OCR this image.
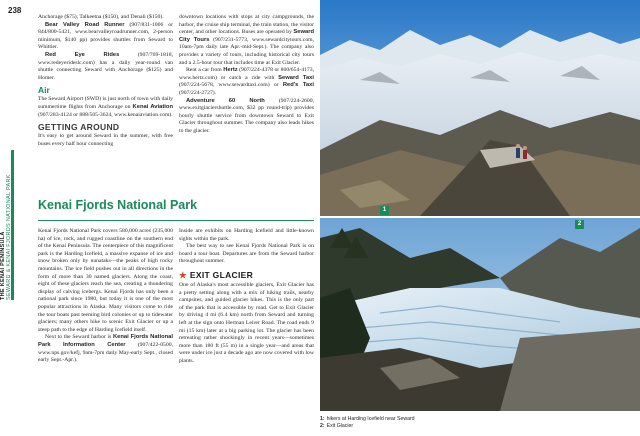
238
THE KENAI PENINSULA SEWARD & KENAI FJORDS NATIONAL PARK

Anchorage ($75), Talkeetna ($150), and Denali ($150).

Bear Valley Road Runner (907/831-1006 or 844/800-5421, www.bearvalleyroadrunner.com, 2-person minimum, $140 pp) provides shuttles from Seward to Whittier.

Red Eye Rides (907/769-1818, www.redeyerideslc.com) has a daily year-round van shuttle connecting Seward with Anchorage ($125) and Homer.

Air

The Seward Airport (SWD) is just north of town with daily summertime flights from Anchorage on Kenai Aviation (907/283-4124 or 888/505-3624, www.kenaiaviation.com).

GETTING AROUND

It's easy to get around Seward in the summer, with free buses every half hour connecting

downtown locations with stops at city campgrounds, the harbor, the cruise ship terminal, the train station, the visitor center, and other locations. Buses are operated by Seward City Tours (907/231-5773, www.sewardcitytours.com, 10am-7pm daily late Apr.-mid-Sept.). The company also provides a variety of tours, including historical city tours and a 2.5-hour tour that includes time at Exit Glacier.

Rent a car from Hertz (907/224-4378 or 800/654-4173, www.hertz.com) or catch a ride with Seward Taxi (907/224-5678, www.sewardtaxi.com) or Red's Taxi (907/224-2727).

Adventure 60 North (907/224-2600, www.exitglaciershuttle.com, $32 pp round-trip) provides hourly shuttle service from downtown Seward to Exit Glacier throughout summer. The company also leads hikes to the glacier.

Kenai Fjords National Park

Kenai Fjords National Park covers 580,000 acres (235,000 ha) of ice, rock, and rugged coastline on the southern end of the Kenai Peninsula. The centerpiece of this magnificent park is the Harding Icefield, a massive expanse of ice and snow broken only by nunataks—the peaks of high rocky mountains. The ice field pushes out in all directions in the form of more than 30 named glaciers. Along the coast, eight of these glaciers reach the sea, creating a thundering display of calving icebergs. Kenai Fjords has only been a national park since 1980, but today it is one of the most popular attractions in Alaska. Many visitors come to ride the tour boats past teeming bird colonies or up to tidewater glaciers; many others hike to scenic Exit Glacier or up a steep path to the edge of Harding Icefield itself.

Next to the Seward harbor is Kenai Fjords National Park Information Center (907/422-0500, www.nps.gov/kefj, 9am-7pm daily May-early Sept., closed early Sept.-Apr.).

Inside are exhibits on Harding Icefield and little-known sights within the park.

The best way to see Kenai Fjords National Park is on board a tour boat. Departures are from the Seward harbor throughout summer.

★ EXIT GLACIER

One of Alaska's most accessible glaciers, Exit Glacier has a pretty setting along with a mix of hiking trails, nearby campsites, and guided glacier hikes. This is the only part of the park that is accessible by road. Get to Exit Glacier by driving 4 mi (6.4 km) north from Seward and turning left at the sign onto Herman Leirer Road. The road ends 9 mi (15 km) later at a big parking lot. The glacier has been retreating rather shockingly in recent years—sometimes more than 180 ft (55 m) in a single year—and areas that were under ice just a decade ago are now covered with low plants.

1
2
1: hikers at Harding Icefield near Seward
2: Exit Glacier
